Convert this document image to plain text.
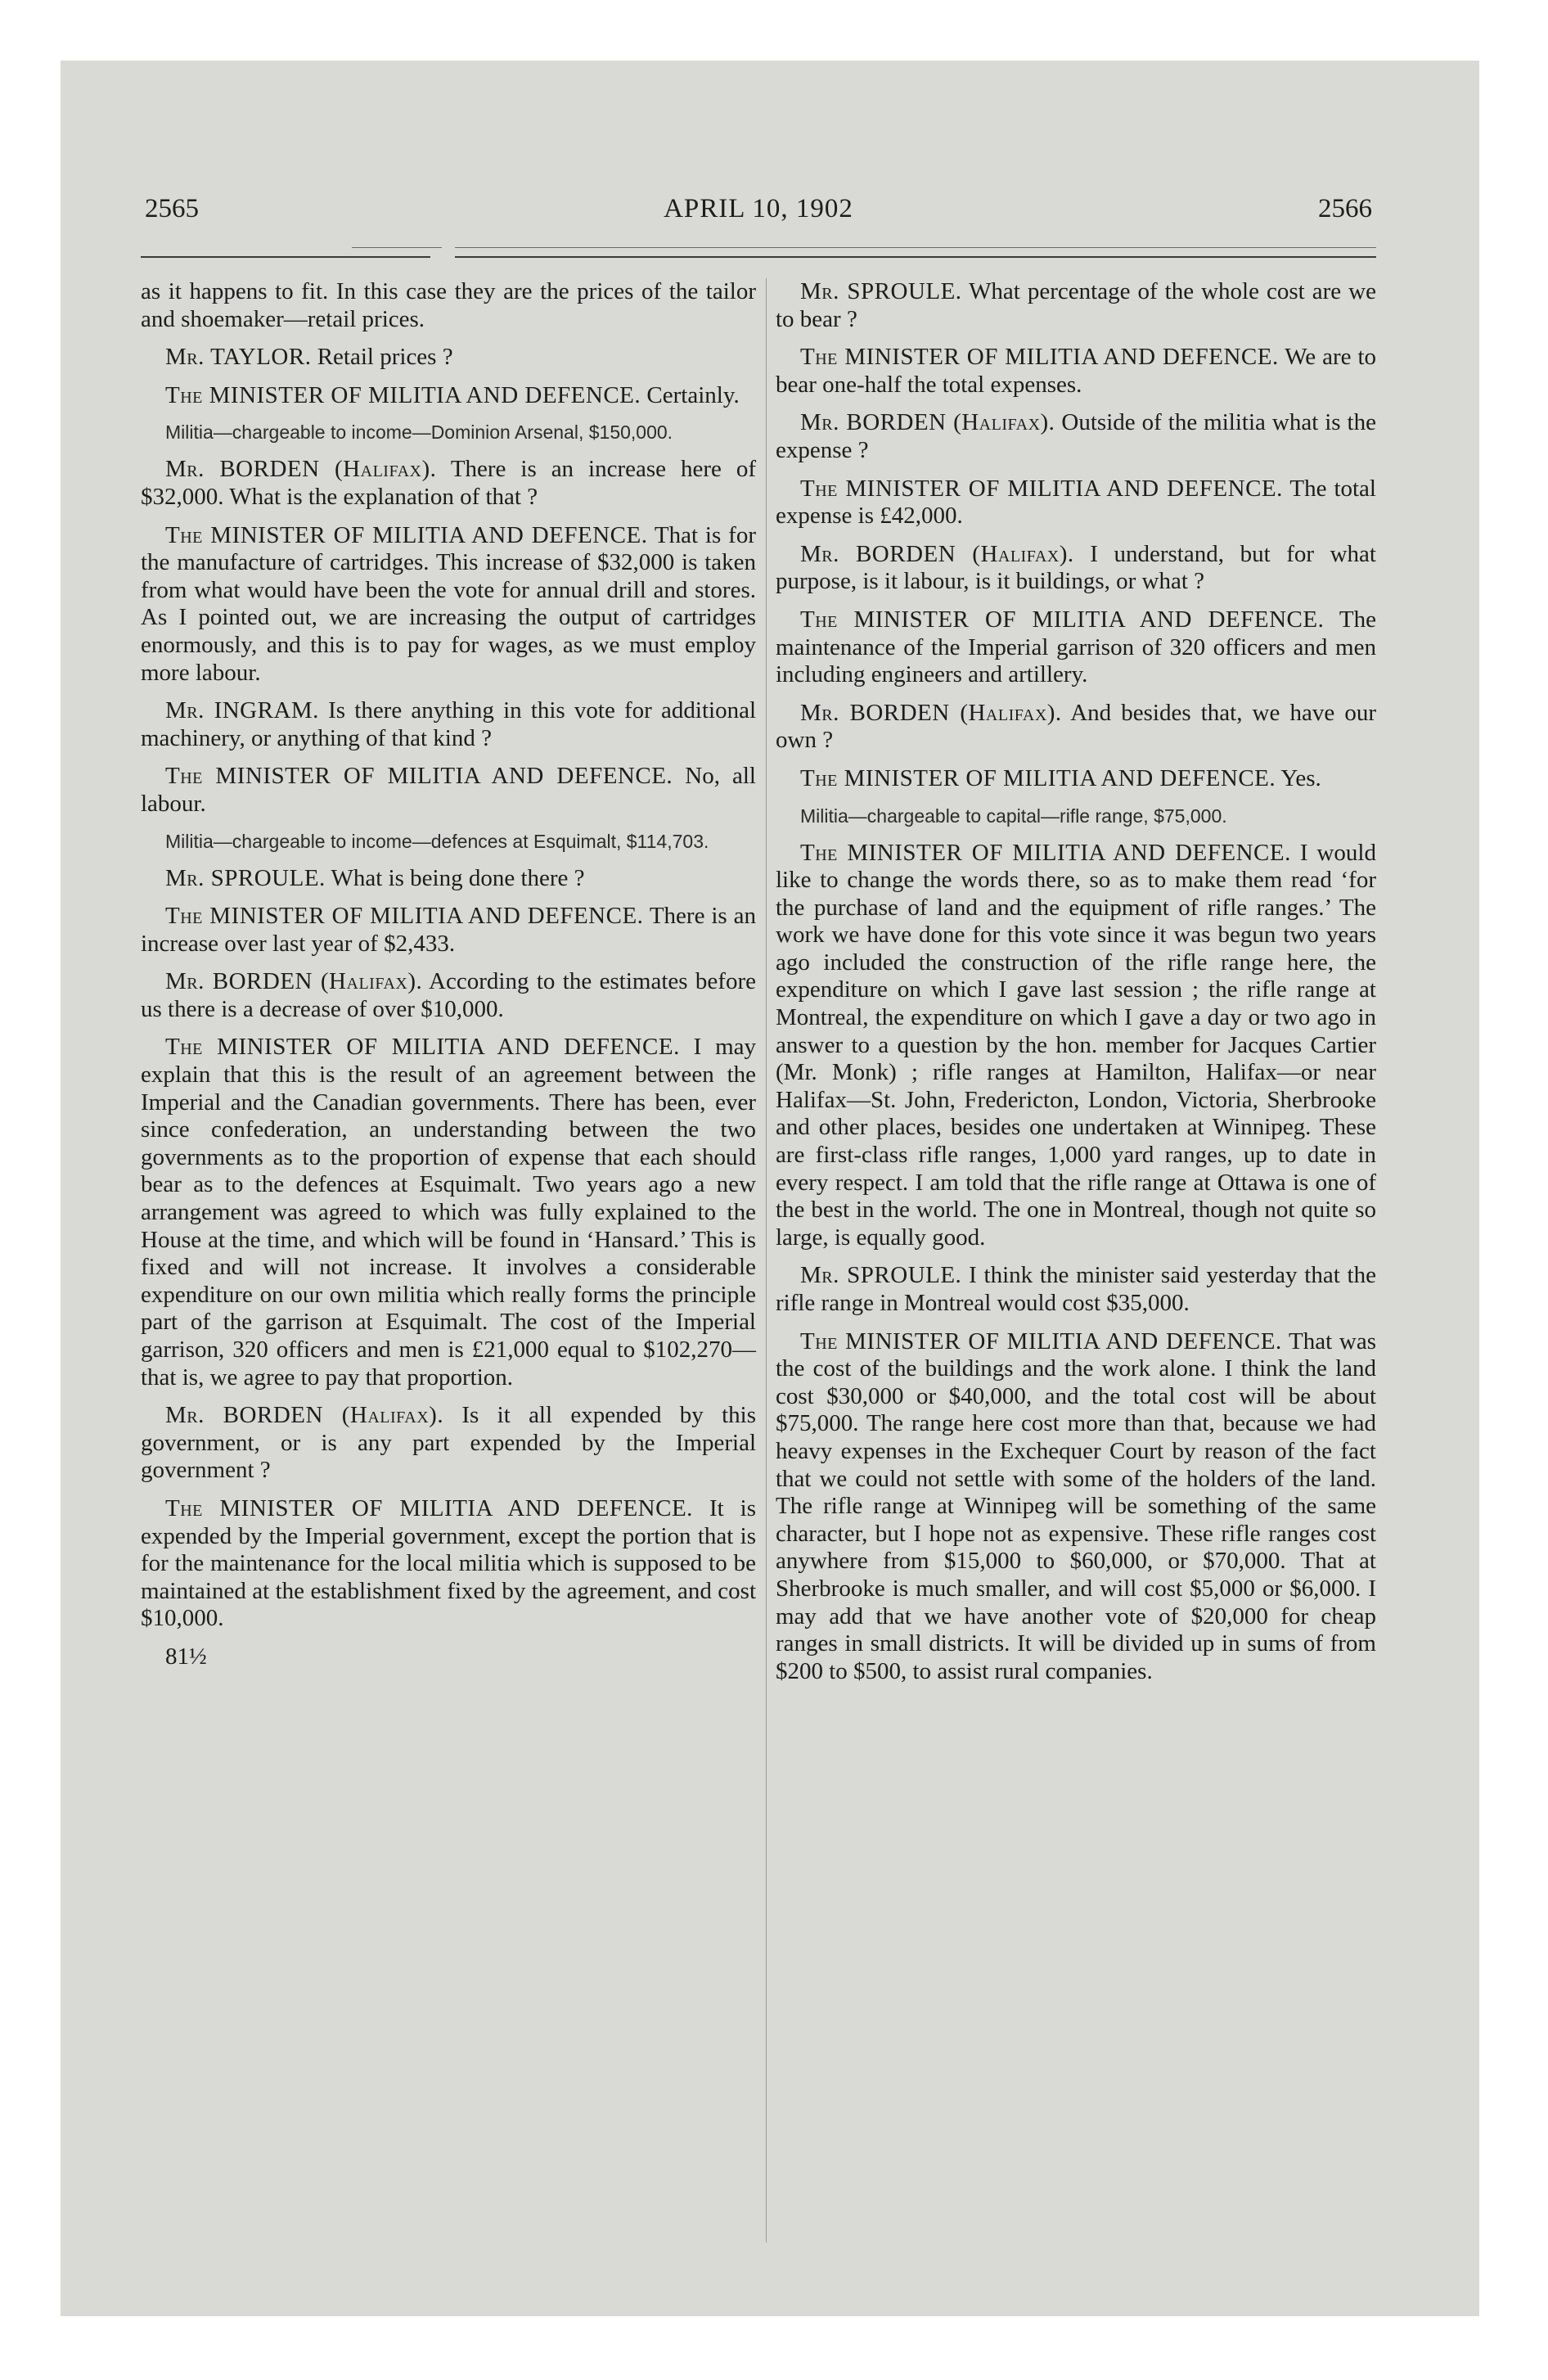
2565	APRIL 10, 1902	2566

as it happens to fit. In this case they are the prices of the tailor and shoemaker—retail prices.

Mr. TAYLOR. Retail prices ?

The MINISTER OF MILITIA AND DEFENCE. Certainly.

Militia—chargeable to income—Dominion Arsenal, $150,000.

Mr. BORDEN (Halifax). There is an increase here of $32,000. What is the explanation of that ?

The MINISTER OF MILITIA AND DEFENCE. That is for the manufacture of cartridges. This increase of $32,000 is taken from what would have been the vote for annual drill and stores. As I pointed out, we are increasing the output of cartridges enormously, and this is to pay for wages, as we must employ more labour.

Mr. INGRAM. Is there anything in this vote for additional machinery, or anything of that kind ?

The MINISTER OF MILITIA AND DEFENCE. No, all labour.

Militia—chargeable to income—defences at Esquimalt, $114,703.

Mr. SPROULE. What is being done there ?

The MINISTER OF MILITIA AND DEFENCE. There is an increase over last year of $2,433.

Mr. BORDEN (Halifax). According to the estimates before us there is a decrease of over $10,000.

The MINISTER OF MILITIA AND DEFENCE. I may explain that this is the result of an agreement between the Imperial and the Canadian governments. There has been, ever since confederation, an understanding between the two governments as to the proportion of expense that each should bear as to the defences at Esquimalt. Two years ago a new arrangement was agreed to which was fully explained to the House at the time, and which will be found in ‘Hansard.’ This is fixed and will not increase. It involves a considerable expenditure on our own militia which really forms the principle part of the garrison at Esquimalt. The cost of the Imperial garrison, 320 officers and men is £21,000 equal to $102,270—that is, we agree to pay that proportion.

Mr. BORDEN (Halifax). Is it all expended by this government, or is any part expended by the Imperial government ?

The MINISTER OF MILITIA AND DEFENCE. It is expended by the Imperial government, except the portion that is for the maintenance for the local militia which is supposed to be maintained at the establishment fixed by the agreement, and cost $10,000.

81½

Mr. SPROULE. What percentage of the whole cost are we to bear ?

The MINISTER OF MILITIA AND DEFENCE. We are to bear one-half the total expenses.

Mr. BORDEN (Halifax). Outside of the militia what is the expense ?

The MINISTER OF MILITIA AND DEFENCE. The total expense is £42,000.

Mr. BORDEN (Halifax). I understand, but for what purpose, is it labour, is it buildings, or what ?

The MINISTER OF MILITIA AND DEFENCE. The maintenance of the Imperial garrison of 320 officers and men including engineers and artillery.

Mr. BORDEN (Halifax). And besides that, we have our own ?

The MINISTER OF MILITIA AND DEFENCE. Yes.

Militia—chargeable to capital—rifle range, $75,000.

The MINISTER OF MILITIA AND DEFENCE. I would like to change the words there, so as to make them read ‘for the purchase of land and the equipment of rifle ranges.’ The work we have done for this vote since it was begun two years ago included the construction of the rifle range here, the expenditure on which I gave last session ; the rifle range at Montreal, the expenditure on which I gave a day or two ago in answer to a question by the hon. member for Jacques Cartier (Mr. Monk) ; rifle ranges at Hamilton, Halifax—or near Halifax—St. John, Fredericton, London, Victoria, Sherbrooke and other places, besides one undertaken at Winnipeg. These are first-class rifle ranges, 1,000 yard ranges, up to date in every respect. I am told that the rifle range at Ottawa is one of the best in the world. The one in Montreal, though not quite so large, is equally good.

Mr. SPROULE. I think the minister said yesterday that the rifle range in Montreal would cost $35,000.

The MINISTER OF MILITIA AND DEFENCE. That was the cost of the buildings and the work alone. I think the land cost $30,000 or $40,000, and the total cost will be about $75,000. The range here cost more than that, because we had heavy expenses in the Exchequer Court by reason of the fact that we could not settle with some of the holders of the land. The rifle range at Winnipeg will be something of the same character, but I hope not as expensive. These rifle ranges cost anywhere from $15,000 to $60,000, or $70,000. That at Sherbrooke is much smaller, and will cost $5,000 or $6,000. I may add that we have another vote of $20,000 for cheap ranges in small districts. It will be divided up in sums of from $200 to $500, to assist rural companies.
